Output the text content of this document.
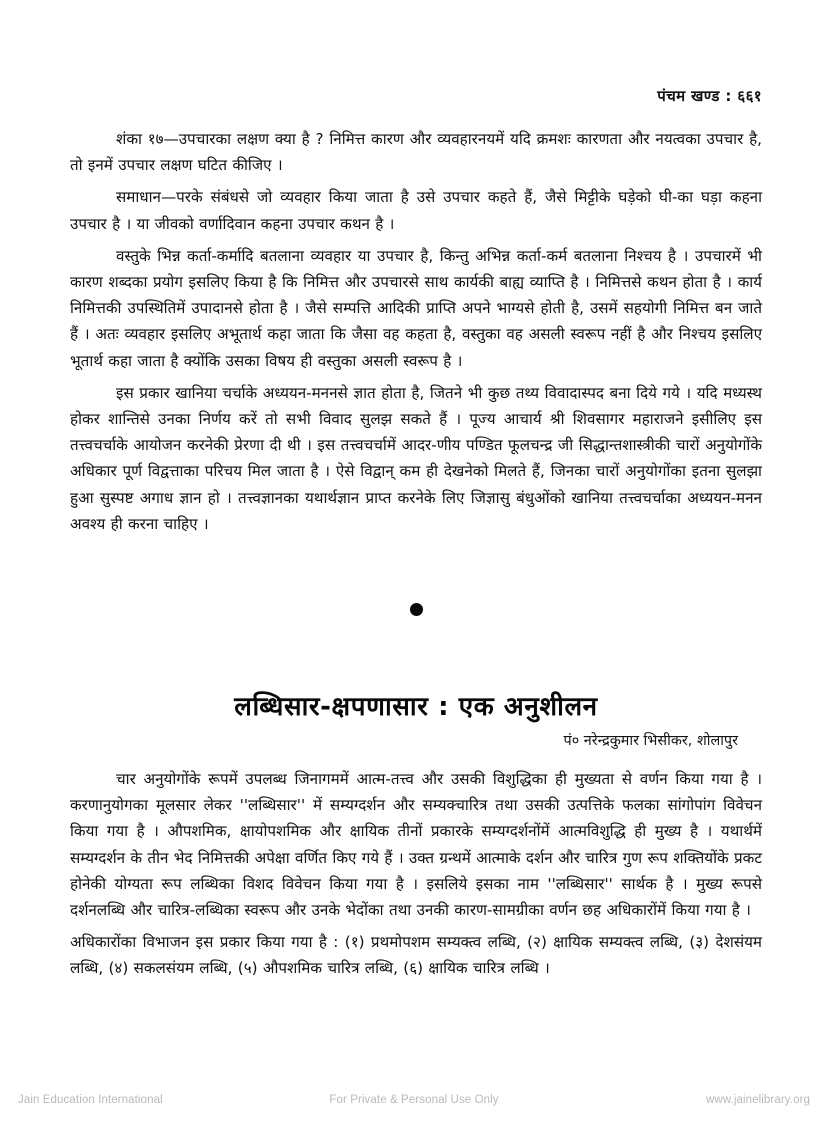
पंचम खण्ड : ६६१

शंका १७—उपचारका लक्षण क्या है ? निमित्त कारण और व्यवहारनयमें यदि क्रमशः कारणता और नयत्वका उपचार है, तो इनमें उपचार लक्षण घटित कीजिए ।

समाधान—परके संबंधसे जो व्यवहार किया जाता है उसे उपचार कहते हैं, जैसे मिट्टीके घड़ेको घी-का घड़ा कहना उपचार है । या जीवको वर्णादिवान कहना उपचार कथन है ।

वस्तुके भिन्न कर्ता-कर्मादि बतलाना व्यवहार या उपचार है, किन्तु अभिन्न कर्ता-कर्म बतलाना निश्चय है । उपचारमें भी कारण शब्दका प्रयोग इसलिए किया है कि निमित्त और उपचारसे साथ कार्यकी बाह्य व्याप्ति है । निमित्तसे कथन होता है । कार्य निमित्तकी उपस्थितिमें उपादानसे होता है । जैसे सम्पत्ति आदिकी प्राप्ति अपने भाग्यसे होती है, उसमें सहयोगी निमित्त बन जाते हैं । अतः व्यवहार इसलिए अभूतार्थ कहा जाता कि जैसा वह कहता है, वस्तुका वह असली स्वरूप नहीं है और निश्चय इसलिए भूतार्थ कहा जाता है क्योंकि उसका विषय ही वस्तुका असली स्वरूप है ।

इस प्रकार खानिया चर्चाके अध्ययन-मननसे ज्ञात होता है, जितने भी कुछ तथ्य विवादास्पद बना दिये गये । यदि मध्यस्थ होकर शान्तिसे उनका निर्णय करें तो सभी विवाद सुलझ सकते हैं । पूज्य आचार्य श्री शिवसागर महाराजने इसीलिए इस तत्त्वचर्चाके आयोजन करनेकी प्रेरणा दी थी । इस तत्त्वचर्चामें आदर-णीय पण्डित फूलचन्द्र जी सिद्धान्तशास्त्रीकी चारों अनुयोगोंके अधिकार पूर्ण विद्वत्ताका परिचय मिल जाता है । ऐसे विद्वान् कम ही देखनेको मिलते हैं, जिनका चारों अनुयोगोंका इतना सुलझा हुआ सुस्पष्ट अगाध ज्ञान हो । तत्त्वज्ञानका यथार्थज्ञान प्राप्त करनेके लिए जिज्ञासु बंधुओंको खानिया तत्त्वचर्चाका अध्ययन-मनन अवश्य ही करना चाहिए ।

लब्धिसार-क्षपणासार : एक अनुशीलन
पं० नरेन्द्रकुमार भिसीकर, शोलापुर

चार अनुयोगोंके रूपमें उपलब्ध जिनागममें आत्म-तत्त्व और उसकी विशुद्धिका ही मुख्यता से वर्णन किया गया है । करणानुयोगका मूलसार लेकर ''लब्धिसार'' में सम्यग्दर्शन और सम्यक्चारित्र तथा उसकी उत्पत्तिके फलका सांगोपांग विवेचन किया गया है । औपशमिक, क्षायोपशमिक और क्षायिक तीनों प्रकारके सम्यग्दर्शनोंमें आत्मविशुद्धि ही मुख्य है । यथार्थमें सम्यग्दर्शन के तीन भेद निमित्तकी अपेक्षा वर्णित किए गये हैं । उक्त ग्रन्थमें आत्माके दर्शन और चारित्र गुण रूप शक्तियोंके प्रकट होनेकी योग्यता रूप लब्धिका विशद विवेचन किया गया है । इसलिये इसका नाम ''लब्धिसार'' सार्थक है । मुख्य रूपसे दर्शनलब्धि और चारित्र-लब्धिका स्वरूप और उनके भेदोंका तथा उनकी कारण-सामग्रीका वर्णन छह अधिकारोंमें किया गया है ।

अधिकारोंका विभाजन इस प्रकार किया गया है : (१) प्रथमोपशम सम्यक्त्व लब्धि, (२) क्षायिक सम्यक्त्व लब्धि, (३) देशसंयम लब्धि, (४) सकलसंयम लब्धि, (५) औपशमिक चारित्र लब्धि, (६) क्षायिक चारित्र लब्धि ।

Jain Education International	For Private & Personal Use Only	www.jainelibrary.org
